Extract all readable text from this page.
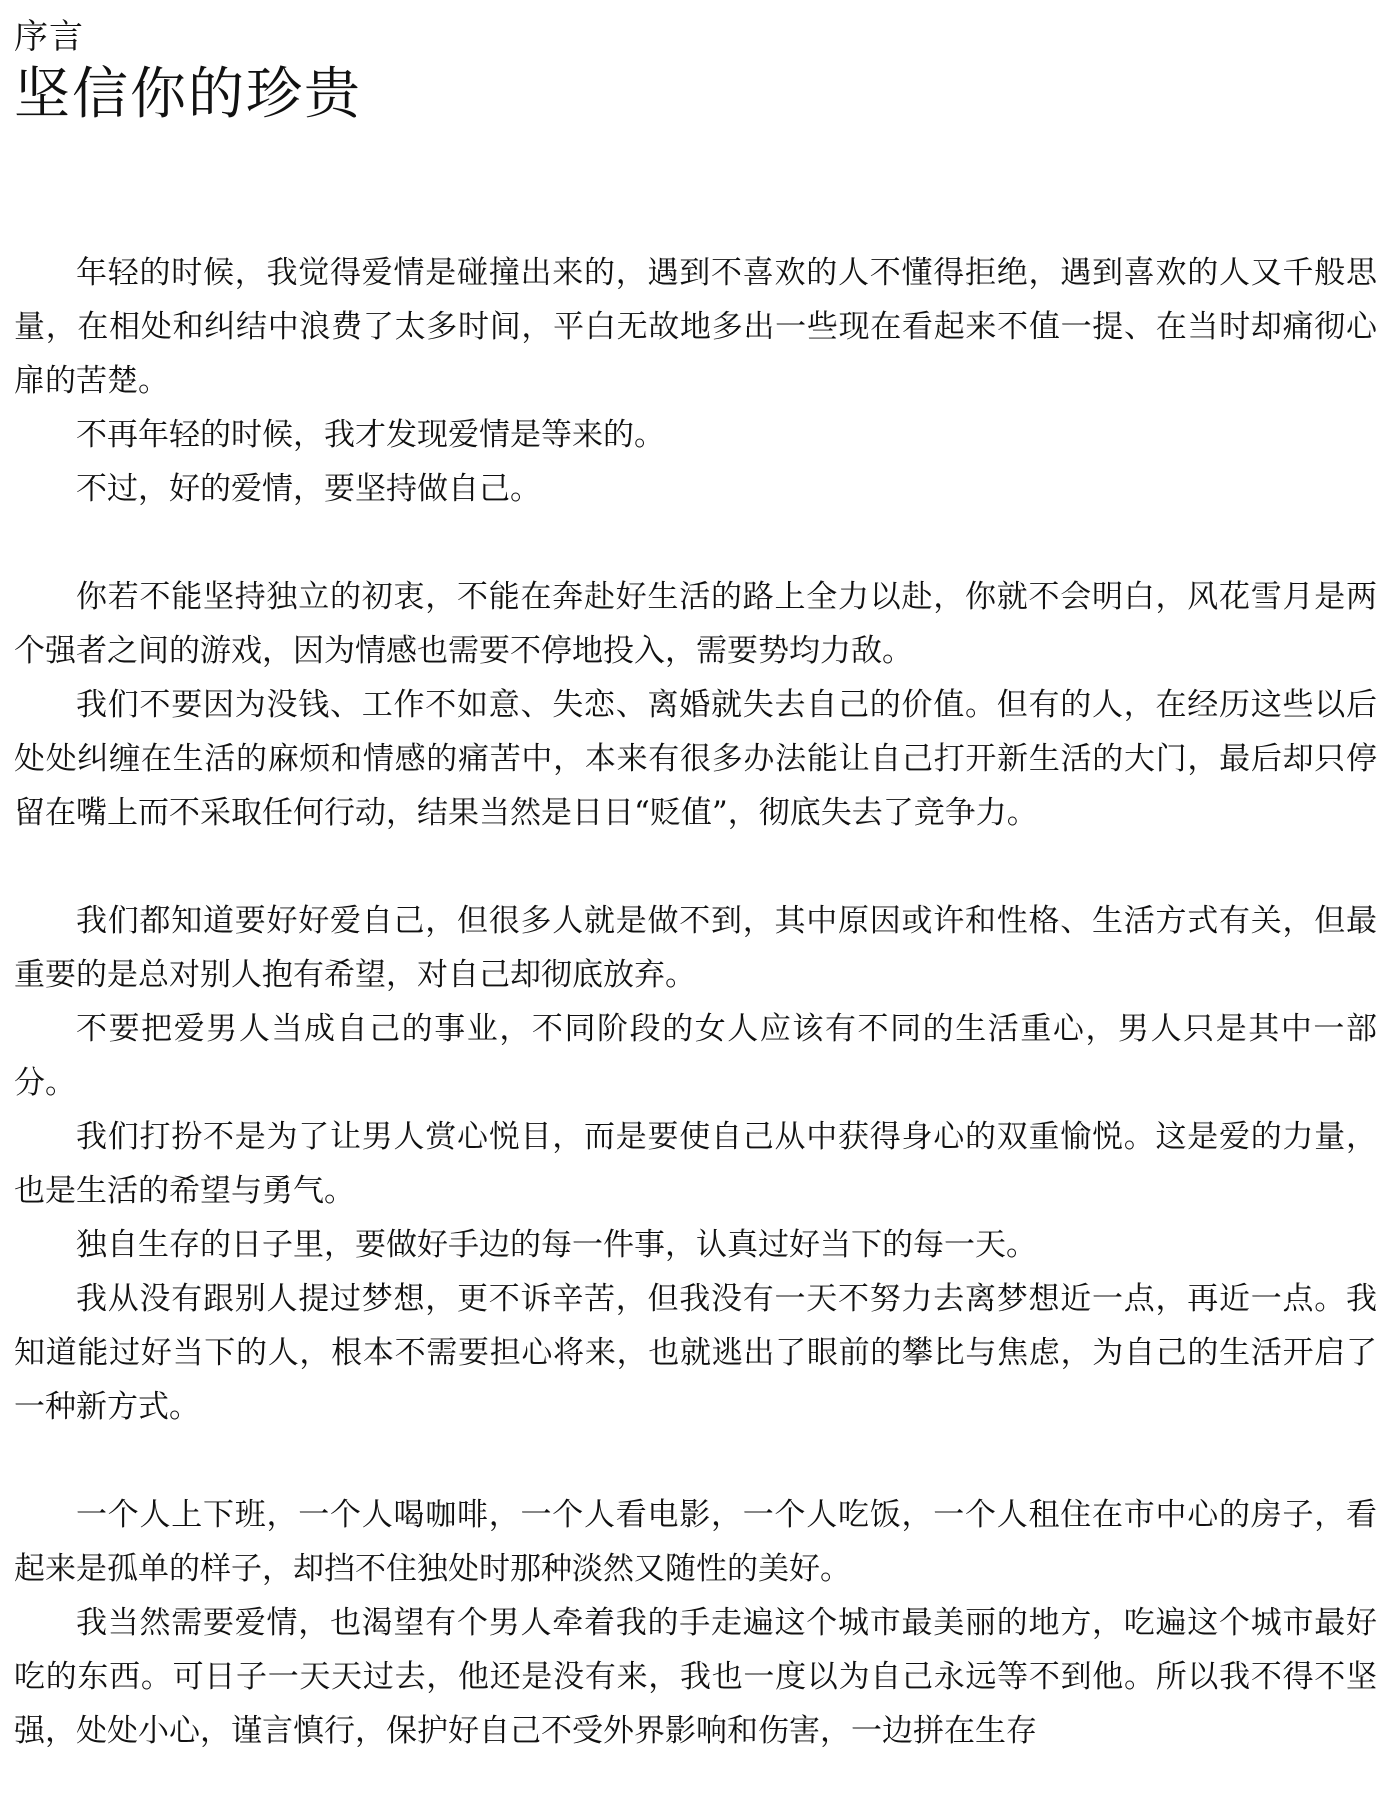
序言
坚信你的珍贵

年轻的时候，我觉得爱情是碰撞出来的，遇到不喜欢的人不懂得拒绝，遇到喜欢的人又千般思量，在相处和纠结中浪费了太多时间，平白无故地多出一些现在看起来不值一提、在当时却痛彻心扉的苦楚。

不再年轻的时候，我才发现爱情是等来的。

不过，好的爱情，要坚持做自己。

你若不能坚持独立的初衷，不能在奔赴好生活的路上全力以赴，你就不会明白，风花雪月是两个强者之间的游戏，因为情感也需要不停地投入，需要势均力敌。

我们不要因为没钱、工作不如意、失恋、离婚就失去自己的价值。但有的人，在经历这些以后处处纠缠在生活的麻烦和情感的痛苦中，本来有很多办法能让自己打开新生活的大门，最后却只停留在嘴上而不采取任何行动，结果当然是日日“贬值”，彻底失去了竞争力。

我们都知道要好好爱自己，但很多人就是做不到，其中原因或许和性格、生活方式有关，但最重要的是总对别人抱有希望，对自己却彻底放弃。

不要把爱男人当成自己的事业，不同阶段的女人应该有不同的生活重心，男人只是其中一部分。

我们打扮不是为了让男人赏心悦目，而是要使自己从中获得身心的双重愉悦。这是爱的力量，也是生活的希望与勇气。

独自生存的日子里，要做好手边的每一件事，认真过好当下的每一天。

我从没有跟别人提过梦想，更不诉辛苦，但我没有一天不努力去离梦想近一点，再近一点。我知道能过好当下的人，根本不需要担心将来，也就逃出了眼前的攀比与焦虑，为自己的生活开启了一种新方式。

一个人上下班，一个人喝咖啡，一个人看电影，一个人吃饭，一个人租住在市中心的房子，看起来是孤单的样子，却挡不住独处时那种淡然又随性的美好。

我当然需要爱情，也渴望有个男人牵着我的手走遍这个城市最美丽的地方，吃遍这个城市最好吃的东西。可日子一天天过去，他还是没有来，我也一度以为自己永远等不到他。所以我不得不坚强，处处小心，谨言慎行，保护好自己不受外界影响和伤害，一边拼在生存
